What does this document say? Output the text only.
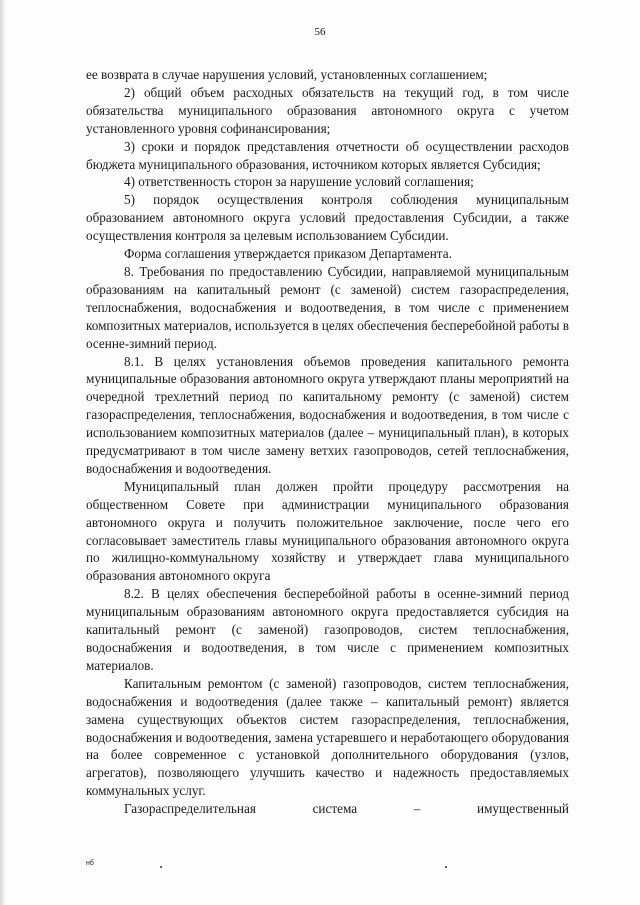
56

ее возврата в случае нарушения условий, установленных соглашением;

2) общий объем расходных обязательств на текущий год, в том числе обязательства муниципального образования автономного округа с учетом установленного уровня софинансирования;

3) сроки и порядок представления отчетности об осуществлении расходов бюджета муниципального образования, источником которых является Субсидия;

4) ответственность сторон за нарушение условий соглашения;

5) порядок осуществления контроля соблюдения муниципальным образованием автономного округа условий предоставления Субсидии, а также осуществления контроля за целевым использованием Субсидии.

Форма соглашения утверждается приказом Департамента.

8. Требования по предоставлению Субсидии, направляемой муниципальным образованиям на капитальный ремонт (с заменой) систем газораспределения, теплоснабжения, водоснабжения и водоотведения, в том числе с применением композитных материалов, используется в целях обеспечения бесперебойной работы в осенне-зимний период.

8.1. В целях установления объемов проведения капитального ремонта муниципальные образования автономного округа утверждают планы мероприятий на очередной трехлетний период по капитальному ремонту (с заменой) систем газораспределения, теплоснабжения, водоснабжения и водоотведения, в том числе с использованием композитных материалов (далее – муниципальный план), в которых предусматривают в том числе замену ветхих газопроводов, сетей теплоснабжения, водоснабжения и водоотведения.

Муниципальный план должен пройти процедуру рассмотрения на общественном Совете при администрации муниципального образования автономного округа и получить положительное заключение, после чего его согласовывает заместитель главы муниципального образования автономного округа по жилищно-коммунальному хозяйству и утверждает глава муниципального образования автономного округа

8.2. В целях обеспечения бесперебойной работы в осенне-зимний период муниципальным образованиям автономного округа предоставляется субсидия на капитальный ремонт (с заменой) газопроводов, систем теплоснабжения, водоснабжения и водоотведения, в том числе с применением композитных материалов.

Капитальным ремонтом (с заменой) газопроводов, систем теплоснабжения, водоснабжения и водоотведения (далее также – капитальный ремонт) является замена существующих объектов систем газораспределения, теплоснабжения, водоснабжения и водоотведения, замена устаревшего и неработающего оборудования на более современное с установкой дополнительного оборудования (узлов, агрегатов), позволяющего улучшить качество и надежность предоставляемых коммунальных услуг.

Газораспределительная система – имущественный

нб
